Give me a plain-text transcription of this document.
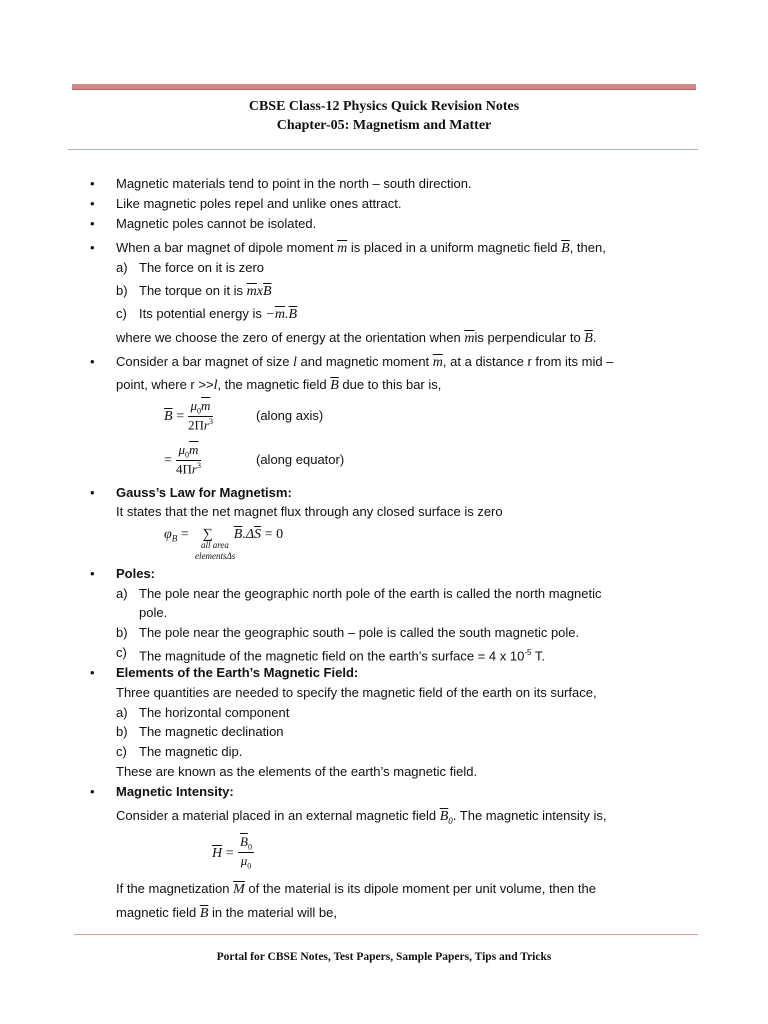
CBSE Class-12 Physics Quick Revision Notes
Chapter-05: Magnetism and Matter
• Magnetic materials tend to point in the north – south direction.
• Like magnetic poles repel and unlike ones attract.
• Magnetic poles cannot be isolated.
• When a bar magnet of dipole moment $\overline{m}$ is placed in a uniform magnetic field $\overline{B}$, then,
a) The force on it is zero
b) The torque on it is $\overline{m}x\overline{B}$
c) Its potential energy is $-\overline{m}.\overline{B}$
where we choose the zero of energy at the orientation when $\overline{m}is$ perpendicular to $\overline{B}$.
• Consider a bar magnet of size l and magnetic moment $\overline{m}$, at a distance r from its mid –
point, where r >>l, the magnetic field $\overline{B}$ due to this bar is,
$\overline{B} = \frac{\mu_0\overline{m}}{2\Pi r^3}$	(along axis)
= $\frac{\mu_0\overline{m}}{4\Pi r^3}$	(along equator)
• Gauss’s Law for Magnetism:
It states that the net magnet flux through any closed surface is zero
$\varphi_B$ =    ∑      $\overline{B}.\Delta\overline{S} = 0$
all area
elementsΔs
• Poles:
a) The pole near the geographic north pole of the earth is called the north magnetic
pole.
b) The pole near the geographic south – pole is called the south magnetic pole.
c) The magnitude of the magnetic field on the earth’s surface = 4 x $10^{-5}$ T.
• Elements of the Earth’s Magnetic Field:
Three quantities are needed to specify the magnetic field of the earth on its surface,
a) The horizontal component
b) The magnetic declination
c) The magnetic dip.
These are known as the elements of the earth’s magnetic field.
• Magnetic Intensity:
Consider a material placed in an external magnetic field $\overline{B}_0$. The magnetic intensity is,
$\overline{H} = \frac{\overline{B}_0}{\mu_0}$
If the magnetization $\overline{M}$ of the material is its dipole moment per unit volume, then the
magnetic field $\overline{B}$ in the material will be,
Portal for CBSE Notes, Test Papers, Sample Papers, Tips and Tricks
